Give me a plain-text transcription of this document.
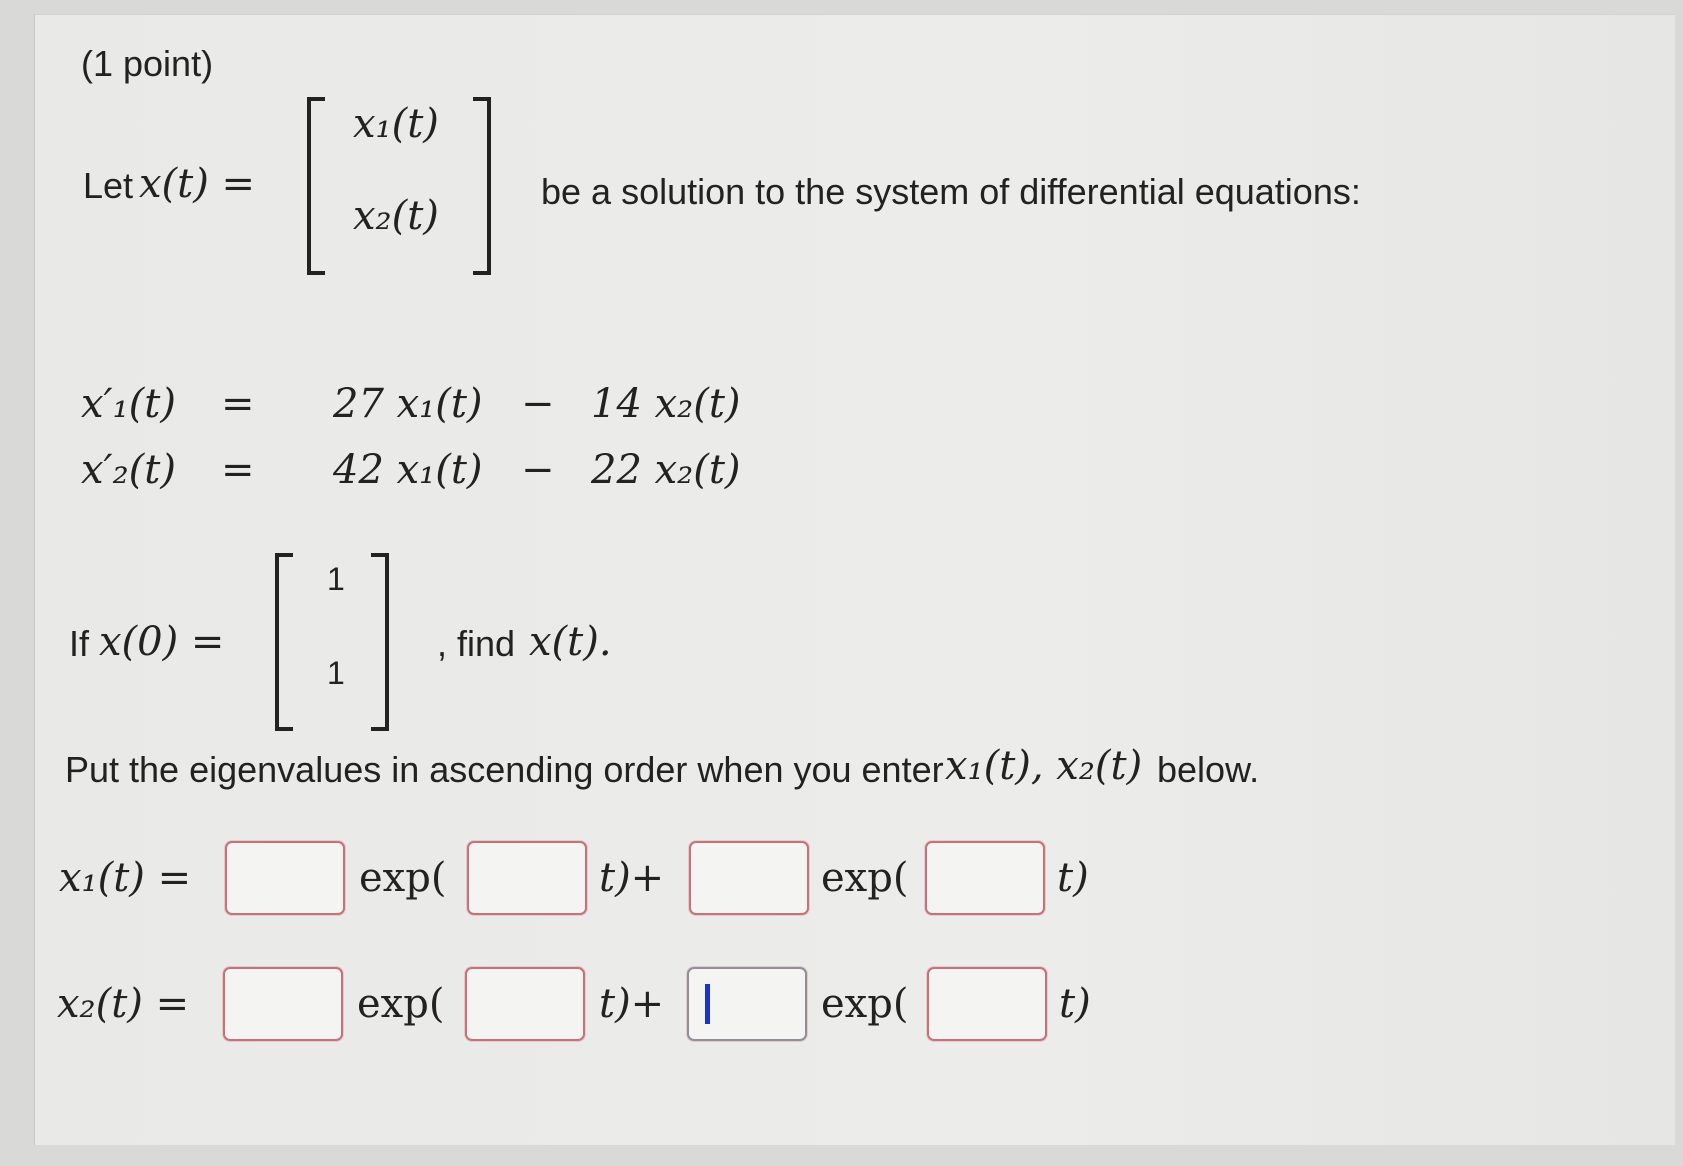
(1 point)
Let x(t) =
x₁(t)
x₂(t)
be a solution to the system of differential equations:
x′₁(t) = 27 x₁(t) − 14 x₂(t)
x′₂(t) = 42 x₁(t) − 22 x₂(t)
If x(0) =
1
1
, find x(t).
Put the eigenvalues in ascending order when you enter x₁(t), x₂(t) below.
x₁(t) =	exp(	t)+	exp(	t)
x₂(t) =	exp(	t)+	exp(	t)
